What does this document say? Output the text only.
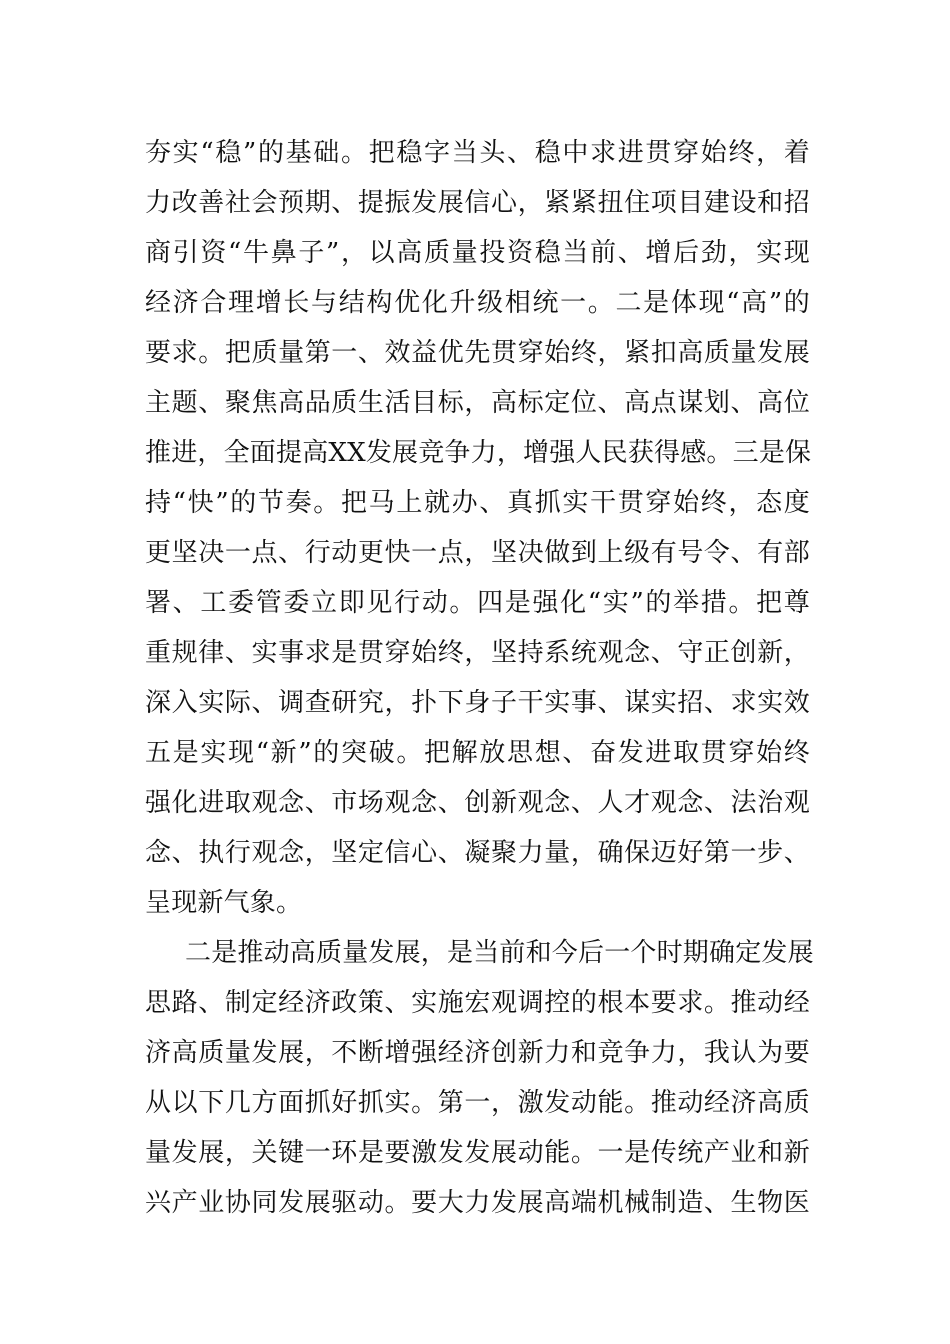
夯实“稳”的基础。把稳字当头、稳中求进贯穿始终，着
力改善社会预期、提振发展信心，紧紧扭住项目建设和招
商引资“牛鼻子”，以高质量投资稳当前、增后劲，实现
经济合理增长与结构优化升级相统一。二是体现“高”的
要求。把质量第一、效益优先贯穿始终，紧扣高质量发展
主题、聚焦高品质生活目标，高标定位、高点谋划、高位
推进，全面提高XX发展竞争力，增强人民获得感。三是保
持“快”的节奏。把马上就办、真抓实干贯穿始终，态度
更坚决一点、行动更快一点，坚决做到上级有号令、有部
署、工委管委立即见行动。四是强化“实”的举措。把尊
重规律、实事求是贯穿始终，坚持系统观念、守正创新，
深入实际、调查研究，扑下身子干实事、谋实招、求实效
五是实现“新”的突破。把解放思想、奋发进取贯穿始终
强化进取观念、市场观念、创新观念、人才观念、法治观
念、执行观念，坚定信心、凝聚力量，确保迈好第一步、
呈现新气象。
二是推动高质量发展，是当前和今后一个时期确定发展
思路、制定经济政策、实施宏观调控的根本要求。推动经
济高质量发展，不断增强经济创新力和竞争力，我认为要
从以下几方面抓好抓实。第一，激发动能。推动经济高质
量发展，关键一环是要激发发展动能。一是传统产业和新
兴产业协同发展驱动。要大力发展高端机械制造、生物医
